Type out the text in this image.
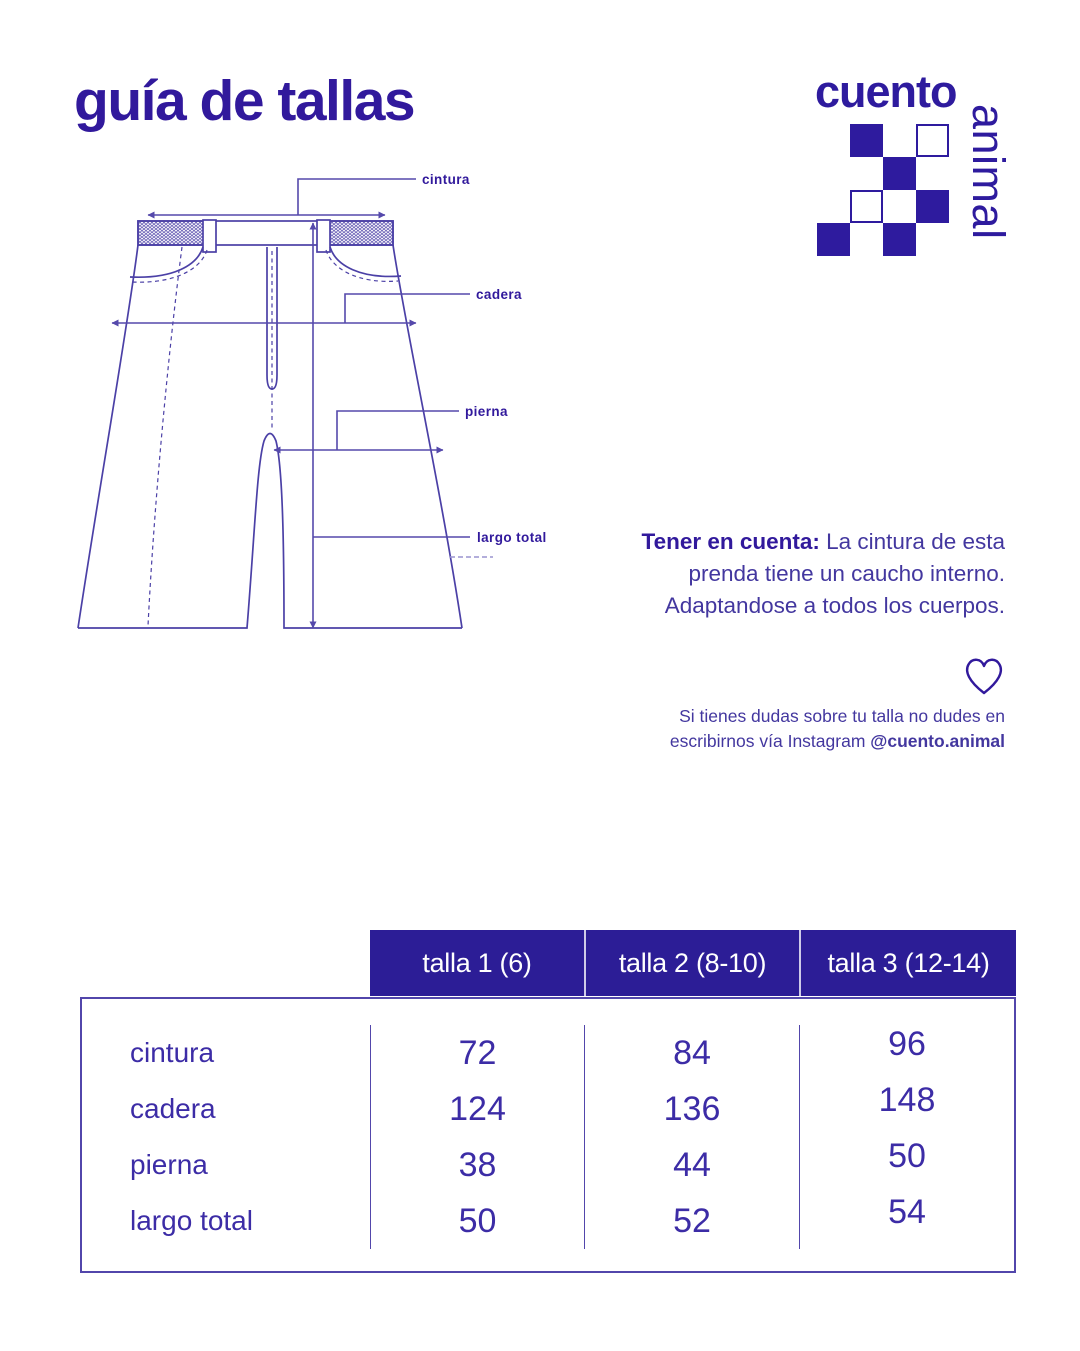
guía de tallas	cuento
animal
cintura
cadera
pierna
largo total	Tener en cuenta: La cintura de esta prenda tiene un caucho interno. Adaptandose a todos los cuerpos.
Si tienes dudas sobre tu talla no dudes en escribirnos vía Instagram @cuento.animal
talla 1 (6)	talla 2 (8-10)	talla 3 (12-14)
cintura	72	84	96
cadera	124	136	148
pierna	38	44	50
largo total	50	52	54
